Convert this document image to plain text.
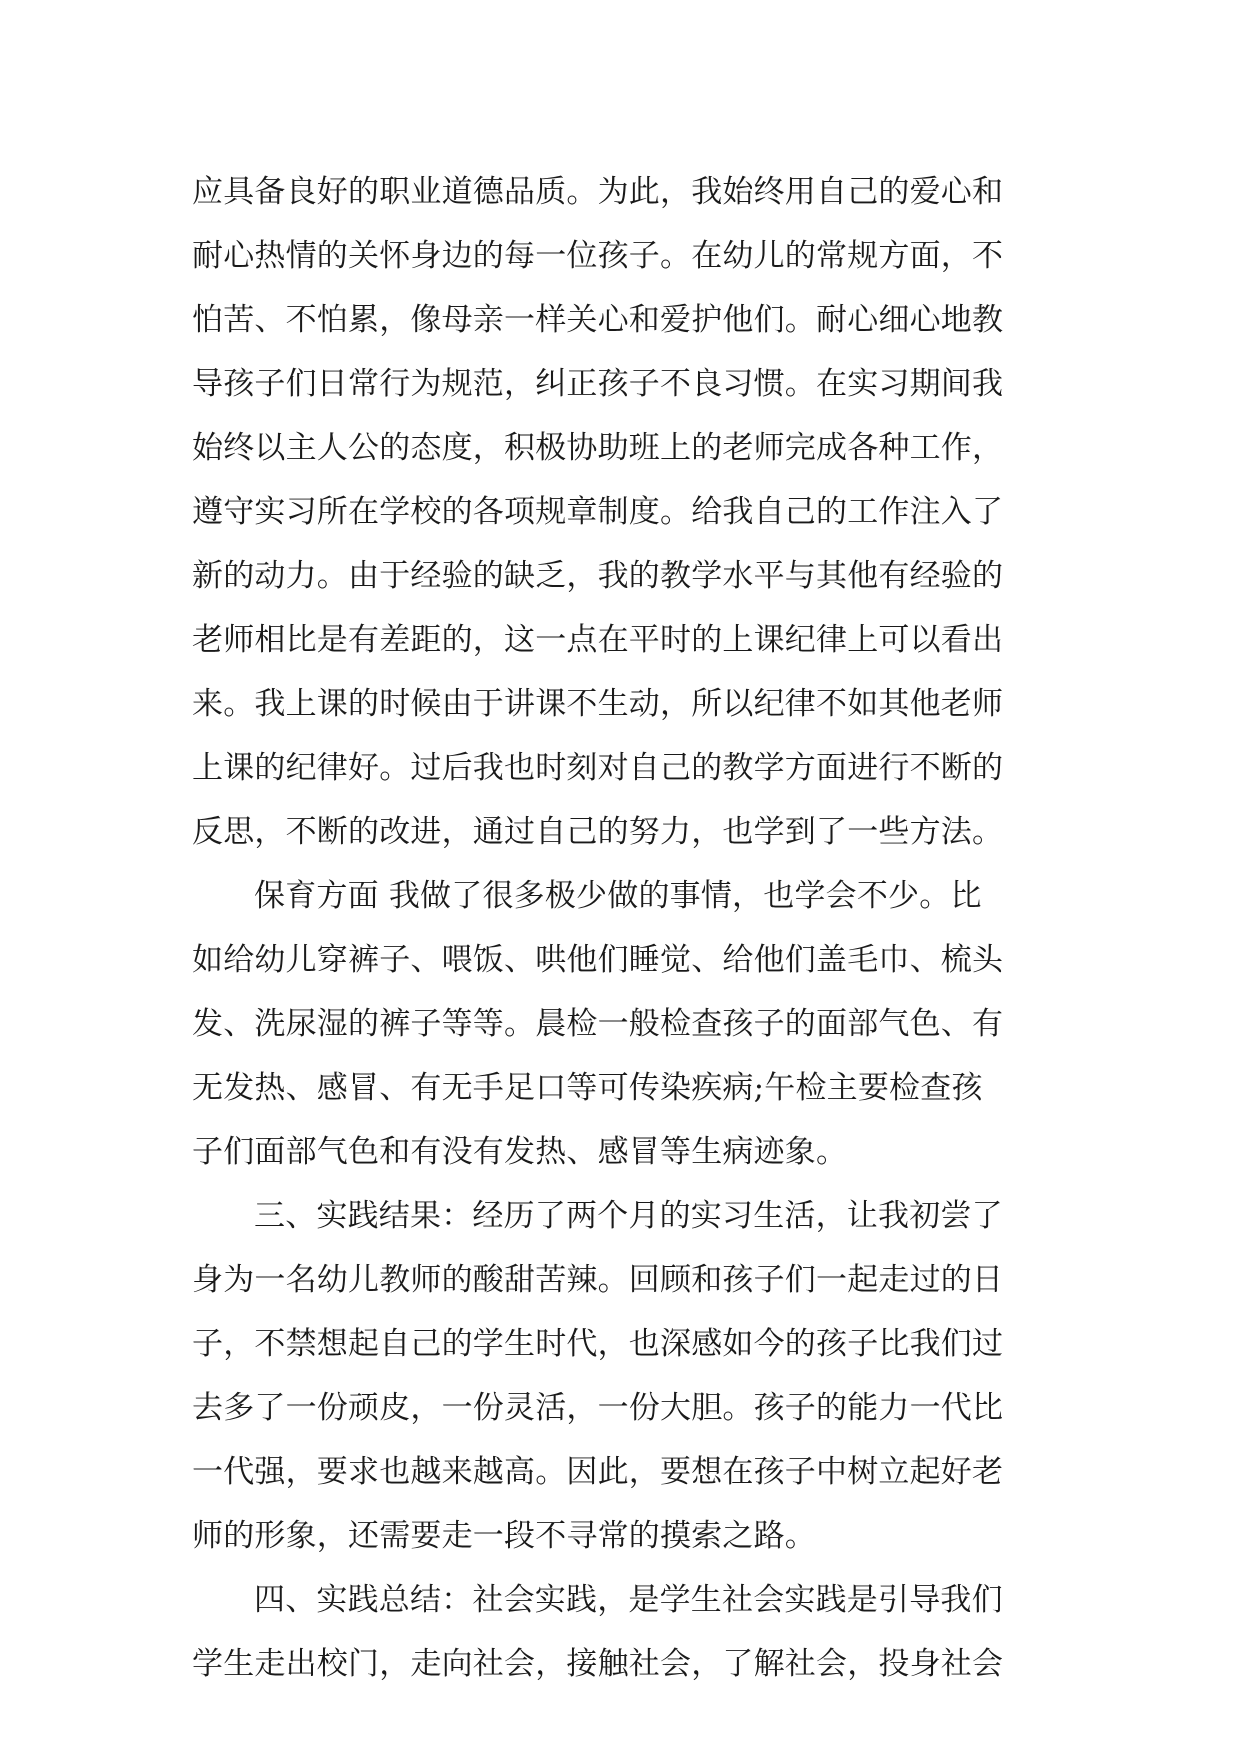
应具备良好的职业道德品质。为此，我始终用自己的爱心和
耐心热情的关怀身边的每一位孩子。在幼儿的常规方面，不
怕苦、不怕累，像母亲一样关心和爱护他们。耐心细心地教
导孩子们日常行为规范，纠正孩子不良习惯。在实习期间我
始终以主人公的态度，积极协助班上的老师完成各种工作，
遵守实习所在学校的各项规章制度。给我自己的工作注入了
新的动力。由于经验的缺乏，我的教学水平与其他有经验的
老师相比是有差距的，这一点在平时的上课纪律上可以看出
来。我上课的时候由于讲课不生动，所以纪律不如其他老师
上课的纪律好。过后我也时刻对自己的教学方面进行不断的
反思，不断的改进，通过自己的努力，也学到了一些方法。
保育方面 我做了很多极少做的事情，也学会不少。比
如给幼儿穿裤子、喂饭、哄他们睡觉、给他们盖毛巾、梳头
发、洗尿湿的裤子等等。晨检一般检查孩子的面部气色、有
无发热、感冒、有无手足口等可传染疾病;午检主要检查孩
子们面部气色和有没有发热、感冒等生病迹象。
三、实践结果：经历了两个月的实习生活，让我初尝了
身为一名幼儿教师的酸甜苦辣。回顾和孩子们一起走过的日
子，不禁想起自己的学生时代，也深感如今的孩子比我们过
去多了一份顽皮，一份灵活，一份大胆。孩子的能力一代比
一代强，要求也越来越高。因此，要想在孩子中树立起好老
师的形象，还需要走一段不寻常的摸索之路。
四、实践总结：社会实践，是学生社会实践是引导我们
学生走出校门，走向社会，接触社会，了解社会，投身社会
